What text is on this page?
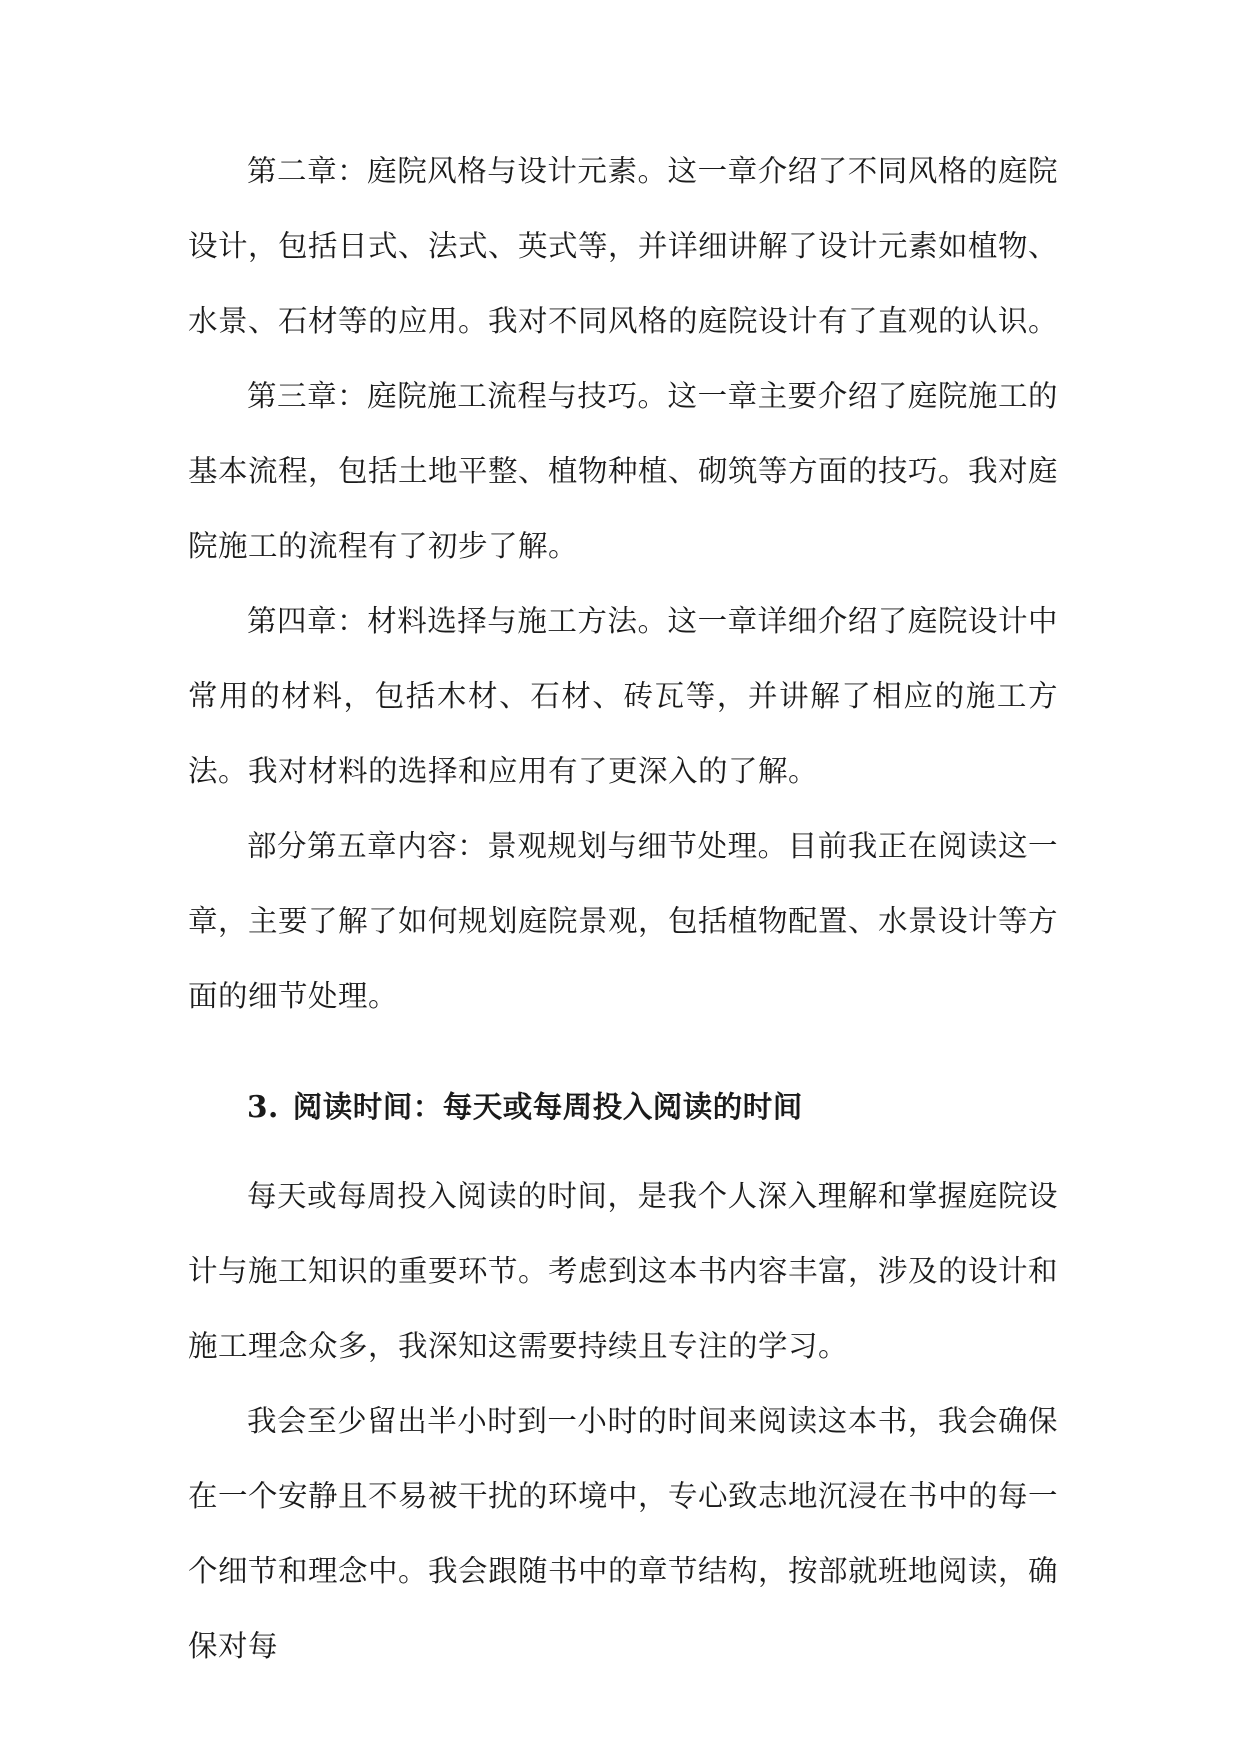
第二章：庭院风格与设计元素。这一章介绍了不同风格的庭院设计，包括日式、法式、英式等，并详细讲解了设计元素如植物、水景、石材等的应用。我对不同风格的庭院设计有了直观的认识。

第三章：庭院施工流程与技巧。这一章主要介绍了庭院施工的基本流程，包括土地平整、植物种植、砌筑等方面的技巧。我对庭院施工的流程有了初步了解。

第四章：材料选择与施工方法。这一章详细介绍了庭院设计中常用的材料，包括木材、石材、砖瓦等，并讲解了相应的施工方法。我对材料的选择和应用有了更深入的了解。

部分第五章内容：景观规划与细节处理。目前我正在阅读这一章，主要了解了如何规划庭院景观，包括植物配置、水景设计等方面的细节处理。

3. 阅读时间：每天或每周投入阅读的时间

每天或每周投入阅读的时间，是我个人深入理解和掌握庭院设计与施工知识的重要环节。考虑到这本书内容丰富，涉及的设计和施工理念众多，我深知这需要持续且专注的学习。

我会至少留出半小时到一小时的时间来阅读这本书，我会确保在一个安静且不易被干扰的环境中，专心致志地沉浸在书中的每一个细节和理念中。我会跟随书中的章节结构，按部就班地阅读，确保对每
